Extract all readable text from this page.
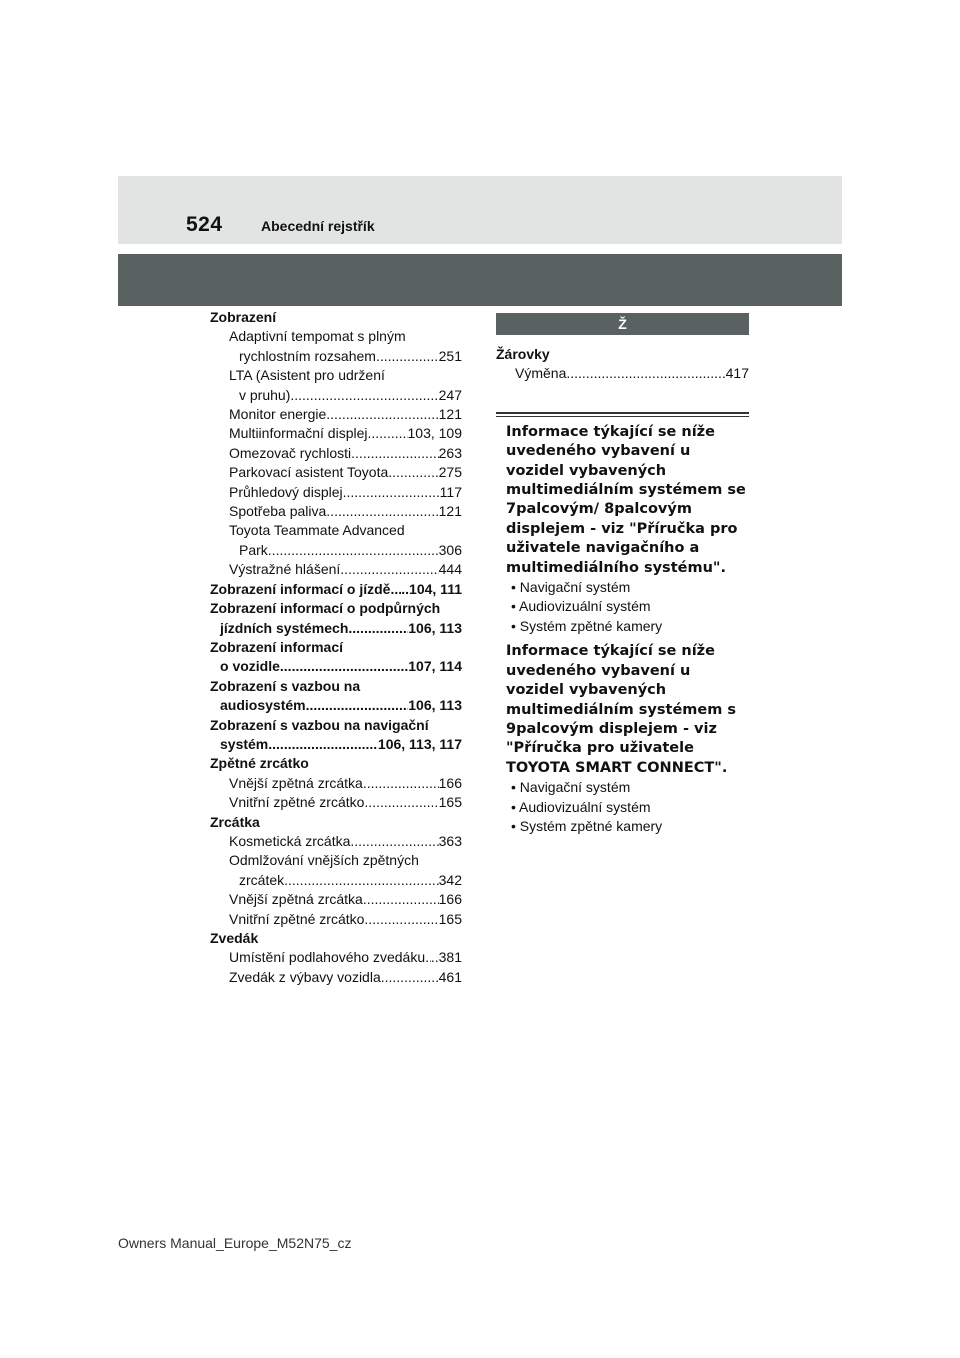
524	Abecední rejstřík
Zobrazení
Adaptivní tempomat s plným
rychlostním rozsahem .....	251
LTA (Asistent pro udržení
v pruhu) .....	247
Monitor energie .....	121
Multiinformační displej .....	103, 109
Omezovač rychlosti .....	263
Parkovací asistent Toyota .....	275
Průhledový displej .....	117
Spotřeba paliva .....	121
Toyota Teammate Advanced
Park .....	306
Výstražné hlášení .....	444
Zobrazení informací o jízdě ..... ..104, 111
Zobrazení informací o podpůrných
jízdních systémech .....	106, 113
Zobrazení informací
o vozidle .....	107, 114
Zobrazení s vazbou na
audiosystém .....	106, 113
Zobrazení s vazbou na navigační
systém .....	106, 113, 117
Zpětné zrcátko
Vnější zpětná zrcátka .....	166
Vnitřní zpětné zrcátko .....	165
Zrcátka
Kosmetická zrcátka .....	363
Odmlžování vnějších zpětných
zrcátek .....	342
Vnější zpětná zrcátka .....	166
Vnitřní zpětné zrcátko .....	165
Zvedák
Umístění podlahového zvedáku ..... ..381
Zvedák z výbavy vozidla .....	461
Ž
Žárovky
Výměna .....	417
Informace týkající se níže uvedeného vybavení u vozidel vybavených multimediálním systémem se 7palcovým/ 8palcovým displejem - viz "Příručka pro uživatele navigačního a multimediálního systému".
• Navigační systém
• Audiovizuální systém
• Systém zpětné kamery
Informace týkající se níže uvedeného vybavení u vozidel vybavených multimediálním systémem s 9palcovým displejem - viz "Příručka pro uživatele TOYOTA SMART CONNECT".
• Navigační systém
• Audiovizuální systém
• Systém zpětné kamery
Owners Manual_Europe_M52N75_cz
